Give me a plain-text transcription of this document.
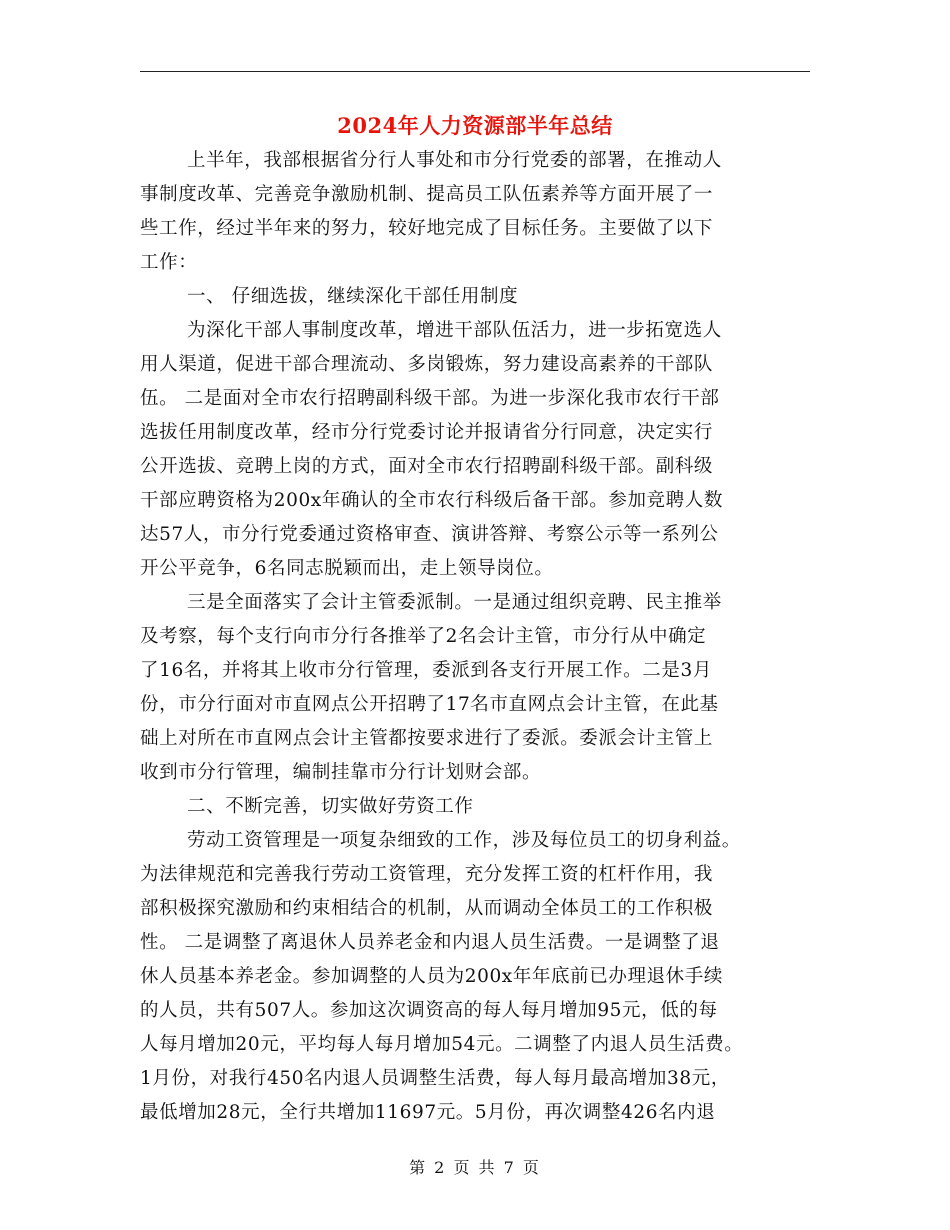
2024年人力资源部半年总结
上半年，我部根据省分行人事处和市分行党委的部署，在推动人
事制度改革、完善竞争激励机制、提高员工队伍素养等方面开展了一
些工作，经过半年来的努力，较好地完成了目标任务。主要做了以下
工作：
一、 仔细选拔，继续深化干部任用制度
为深化干部人事制度改革，增进干部队伍活力，进一步拓宽选人
用人渠道，促进干部合理流动、多岗锻炼，努力建设高素养的干部队
伍。 二是面对全市农行招聘副科级干部。为进一步深化我市农行干部
选拔任用制度改革，经市分行党委讨论并报请省分行同意，决定实行
公开选拔、竞聘上岗的方式，面对全市农行招聘副科级干部。副科级
干部应聘资格为200x年确认的全市农行科级后备干部。参加竞聘人数
达57人，市分行党委通过资格审查、演讲答辩、考察公示等一系列公
开公平竞争，6名同志脱颖而出，走上领导岗位。
三是全面落实了会计主管委派制。一是通过组织竞聘、民主推举
及考察，每个支行向市分行各推举了2名会计主管，市分行从中确定
了16名，并将其上收市分行管理，委派到各支行开展工作。二是3月
份，市分行面对市直网点公开招聘了17名市直网点会计主管，在此基
础上对所在市直网点会计主管都按要求进行了委派。委派会计主管上
收到市分行管理，编制挂靠市分行计划财会部。
二、不断完善，切实做好劳资工作
劳动工资管理是一项复杂细致的工作，涉及每位员工的切身利益。
为法律规范和完善我行劳动工资管理，充分发挥工资的杠杆作用，我
部积极探究激励和约束相结合的机制，从而调动全体员工的工作积极
性。 二是调整了离退休人员养老金和内退人员生活费。一是调整了退
休人员基本养老金。参加调整的人员为200x年年底前已办理退休手续
的人员，共有507人。参加这次调资高的每人每月增加95元，低的每
人每月增加20元，平均每人每月增加54元。二调整了内退人员生活费。
1月份，对我行450名内退人员调整生活费，每人每月最高增加38元，
最低增加28元，全行共增加11697元。5月份，再次调整426名内退
第 2 页 共 7 页
